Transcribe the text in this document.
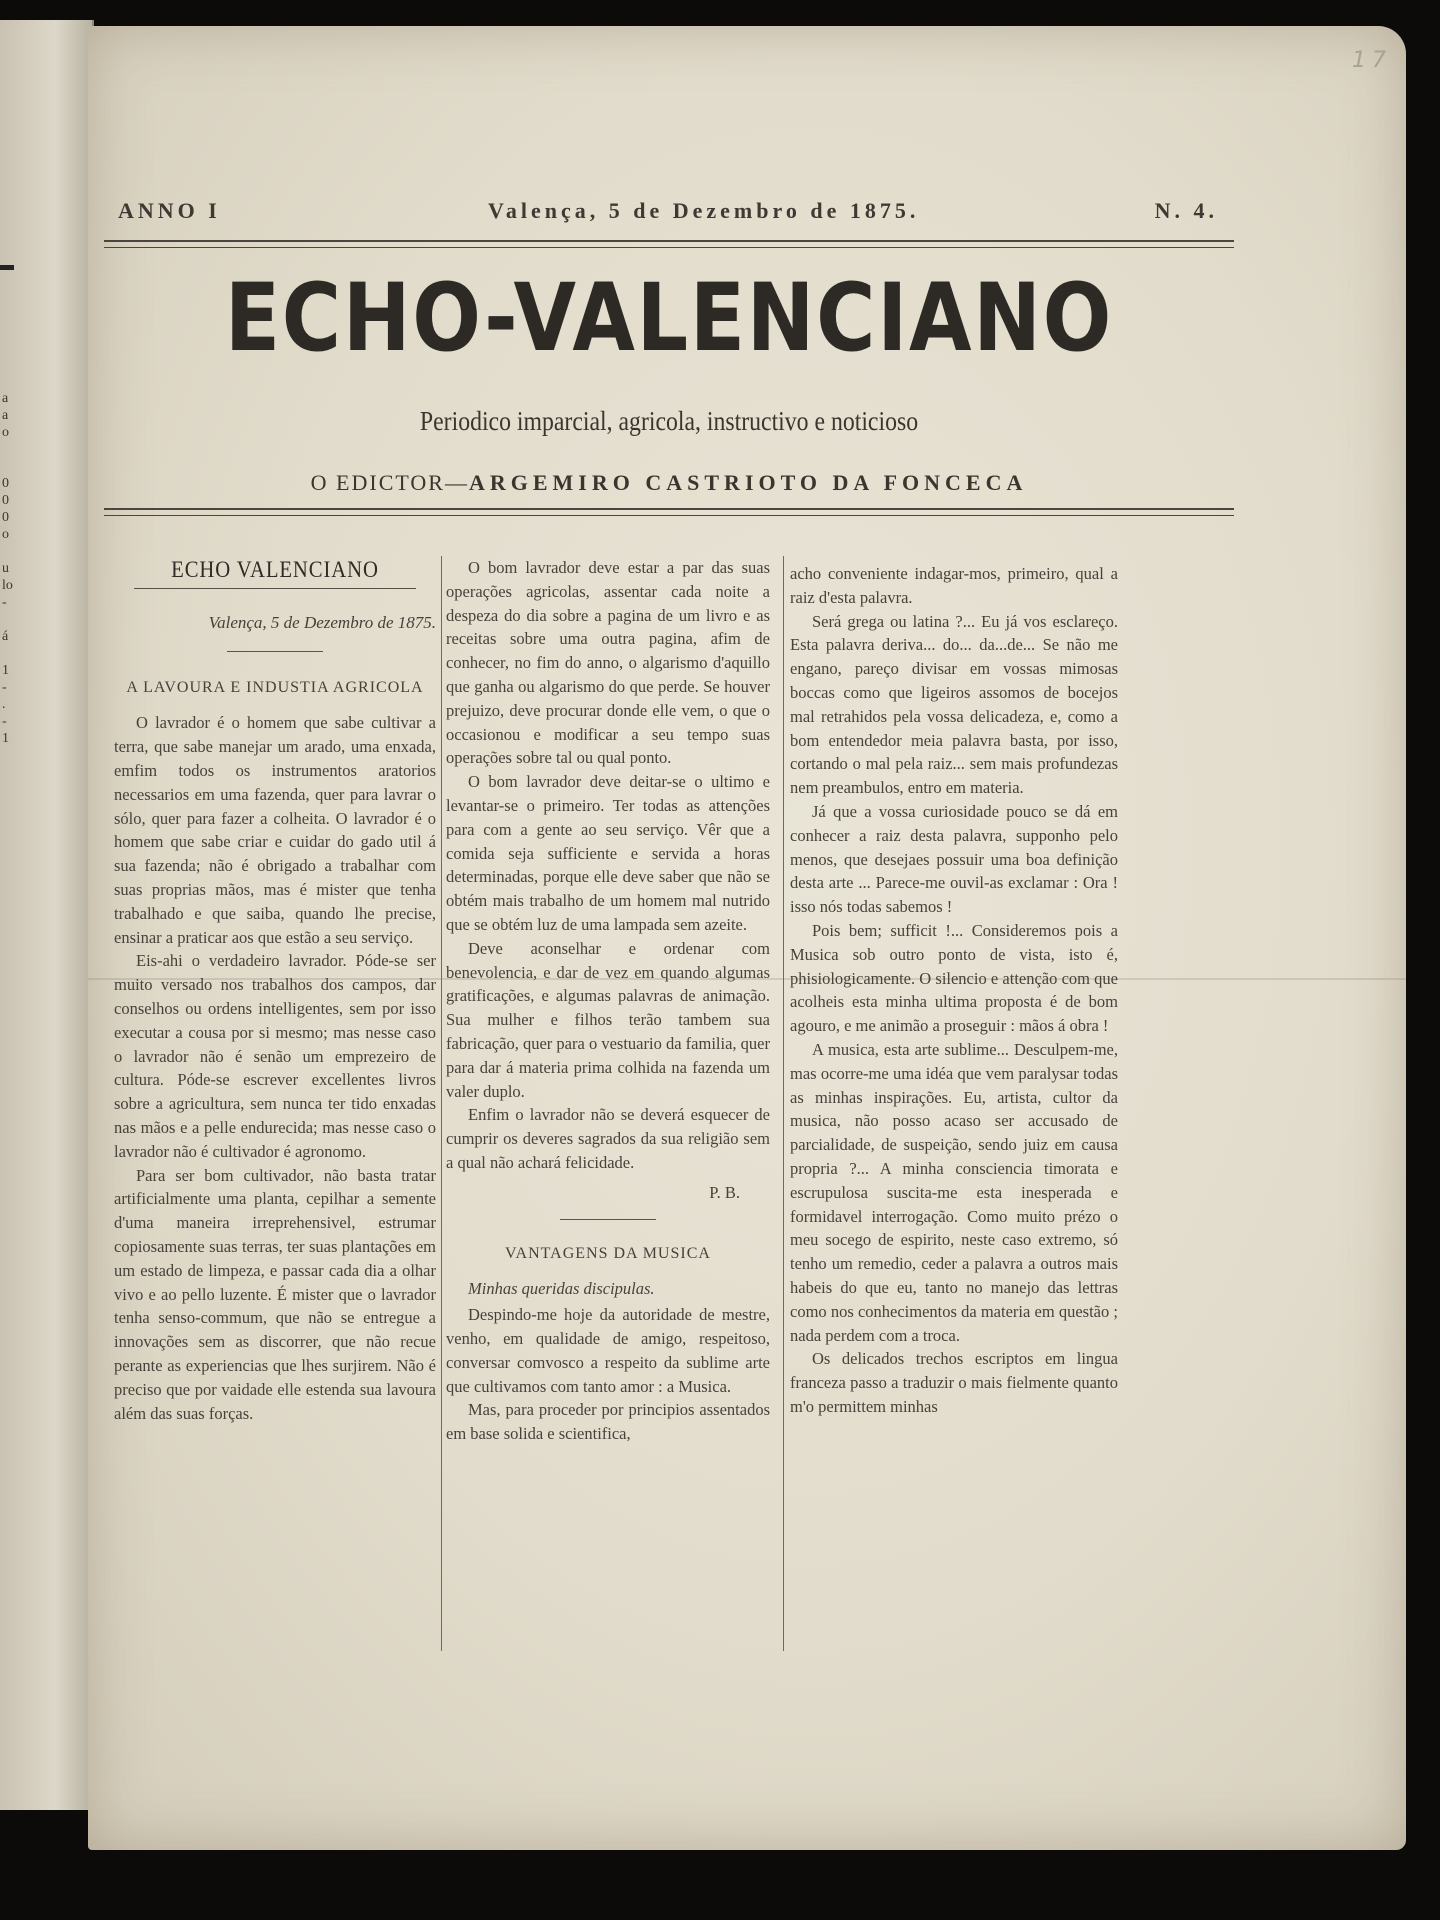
a
a
o

0
0
0
o

u
lo
-

á

1
-
.
-
1
17
ANNO I	Valença, 5 de Dezembro de 1875.	N. 4.
ECHO-VALENCIANO
Periodico imparcial, agricola, instructivo e noticioso
O EDICTOR—ARGEMIRO CASTRIOTO DA FONCECA
ECHO VALENCIANO
Valença, 5 de Dezembro de 1875.
A LAVOURA E INDUSTIA AGRICOLA

O lavrador é o homem que sabe cultivar a terra, que sabe manejar um arado, uma enxada, emfim todos os instrumentos aratorios necessarios em uma fazenda, quer para lavrar o sólo, quer para fazer a colheita. O lavrador é o homem que sabe criar e cuidar do gado util á sua fazenda; não é obrigado a trabalhar com suas proprias mãos, mas é mister que tenha trabalhado e que saiba, quando lhe precise, ensinar a praticar aos que estão a seu serviço.

Eis-ahi o verdadeiro lavrador. Póde-se ser muito versado nos trabalhos dos campos, dar conselhos ou ordens intelligentes, sem por isso executar a cousa por si mesmo; mas nesse caso o lavrador não é senão um emprezeiro de cultura. Póde-se escrever excellentes livros sobre a agricultura, sem nunca ter tido enxadas nas mãos e a pelle endurecida; mas nesse caso o lavrador não é cultivador é agronomo.

Para ser bom cultivador, não basta tratar artificialmente uma planta, cepilhar a semente d'uma maneira irreprehensivel, estrumar copiosamente suas terras, ter suas plantações em um estado de limpeza, e passar cada dia a olhar vivo e ao pello luzente. É mister que o lavrador tenha senso-commum, que não se entregue a innovações sem as discorrer, que não recue perante as experiencias que lhes surjirem. Não é preciso que por vaidade elle estenda sua lavoura além das suas forças.

O bom lavrador deve estar a par das suas operações agricolas, assentar cada noite a despeza do dia sobre a pagina de um livro e as receitas sobre uma outra pagina, afim de conhecer, no fim do anno, o algarismo d'aquillo que ganha ou algarismo do que perde. Se houver prejuizo, deve procurar donde elle vem, o que o occasionou e modificar a seu tempo suas operações sobre tal ou qual ponto.

O bom lavrador deve deitar-se o ultimo e levantar-se o primeiro. Ter todas as attenções para com a gente ao seu serviço. Vêr que a comida seja sufficiente e servida a horas determinadas, porque elle deve saber que não se obtém mais trabalho de um homem mal nutrido que se obtém luz de uma lampada sem azeite.

Deve aconselhar e ordenar com benevolencia, e dar de vez em quando algumas gratificações, e algumas palavras de animação. Sua mulher e filhos terão tambem sua fabricação, quer para o vestuario da familia, quer para dar á materia prima colhida na fazenda um valer duplo.

Enfim o lavrador não se deverá esquecer de cumprir os deveres sagrados da sua religião sem a qual não achará felicidade.

P. B.
VANTAGENS DA MUSICA
Minhas queridas discipulas.

Despindo-me hoje da autoridade de mestre, venho, em qualidade de amigo, respeitoso, conversar comvosco a respeito da sublime arte que cultivamos com tanto amor : a Musica.

Mas, para proceder por principios assentados em base solida e scientifica,

acho conveniente indagar-mos, primeiro, qual a raiz d'esta palavra.

Será grega ou latina ?... Eu já vos esclareço. Esta palavra deriva... do... da...de... Se não me engano, pareço divisar em vossas mimosas boccas como que ligeiros assomos de bocejos mal retrahidos pela vossa delicadeza, e, como a bom entendedor meia palavra basta, por isso, cortando o mal pela raiz... sem mais profundezas nem preambulos, entro em materia.

Já que a vossa curiosidade pouco se dá em conhecer a raiz desta palavra, supponho pelo menos, que desejaes possuir uma boa definição desta arte ... Parece-me ouvil-as exclamar : Ora ! isso nós todas sabemos !

Pois bem; sufficit !... Consideremos pois a Musica sob outro ponto de vista, isto é, phisiologicamente. O silencio e attenção com que acolheis esta minha ultima proposta é de bom agouro, e me animão a proseguir : mãos á obra !

A musica, esta arte sublime... Desculpem-me, mas ocorre-me uma idéa que vem paralysar todas as minhas inspirações. Eu, artista, cultor da musica, não posso acaso ser accusado de parcialidade, de suspeição, sendo juiz em causa propria ?... A minha consciencia timorata e escrupulosa suscita-me esta inesperada e formidavel interrogação. Como muito prézo o meu socego de espirito, neste caso extremo, só tenho um remedio, ceder a palavra a outros mais habeis do que eu, tanto no manejo das lettras como nos conhecimentos da materia em questão ; nada perdem com a troca.

Os delicados trechos escriptos em lingua franceza passo a traduzir o mais fielmente quanto m'o permittem minhas
